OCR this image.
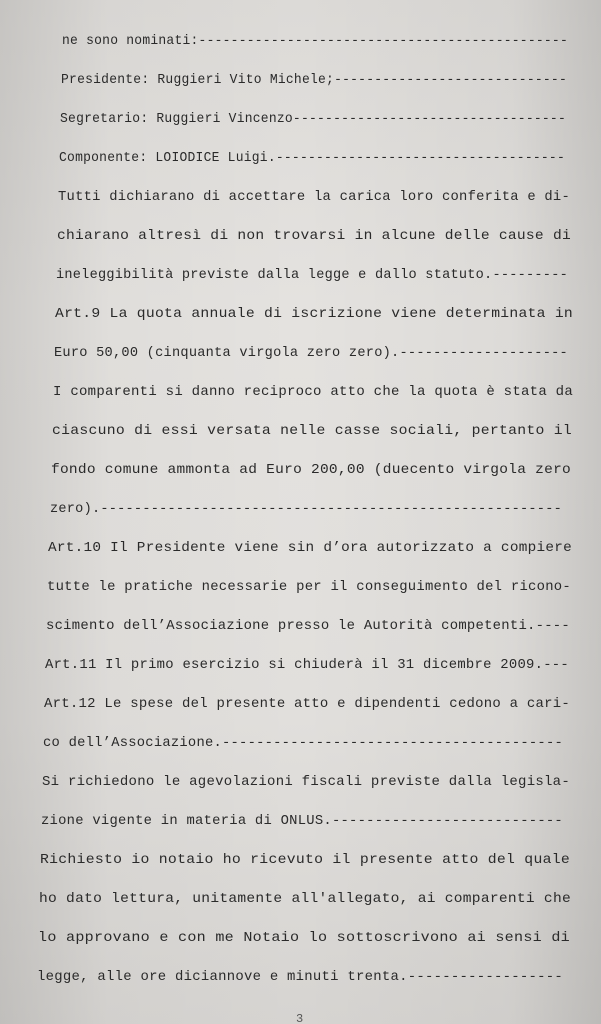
ne sono nominati:----------------------------------------------
Presidente: Ruggieri Vito Michele;-----------------------------
Segretario: Ruggieri Vincenzo----------------------------------
Componente: LOIODICE Luigi.------------------------------------
Tutti dichiarano di accettare la carica loro conferita e di-
chiarano altresì di non trovarsi in alcune delle cause di
ineleggibilità previste dalla legge e dallo statuto.---------
Art.9 La quota annuale di iscrizione viene determinata in
Euro 50,00 (cinquanta virgola zero zero).--------------------
I comparenti si danno reciproco atto che la quota è stata da
ciascuno di essi versata nelle casse sociali, pertanto il
fondo comune ammonta ad Euro 200,00 (duecento virgola zero
zero).-------------------------------------------------------
Art.10 Il Presidente viene sin d’ora autorizzato a compiere
tutte le pratiche necessarie per il conseguimento del ricono-
scimento dell’Associazione presso le Autorità competenti.----
Art.11 Il primo esercizio si chiuderà il 31 dicembre 2009.---
Art.12 Le spese del presente atto e dipendenti cedono a cari-
co dell’Associazione.----------------------------------------
Si richiedono le agevolazioni fiscali previste dalla legisla-
zione vigente in materia di ONLUS.---------------------------
Richiesto io notaio ho ricevuto il presente atto del quale
ho dato lettura, unitamente all'allegato, ai comparenti che
lo approvano e con me Notaio lo sottoscrivono ai sensi di
legge, alle ore diciannove e minuti trenta.------------------
3
